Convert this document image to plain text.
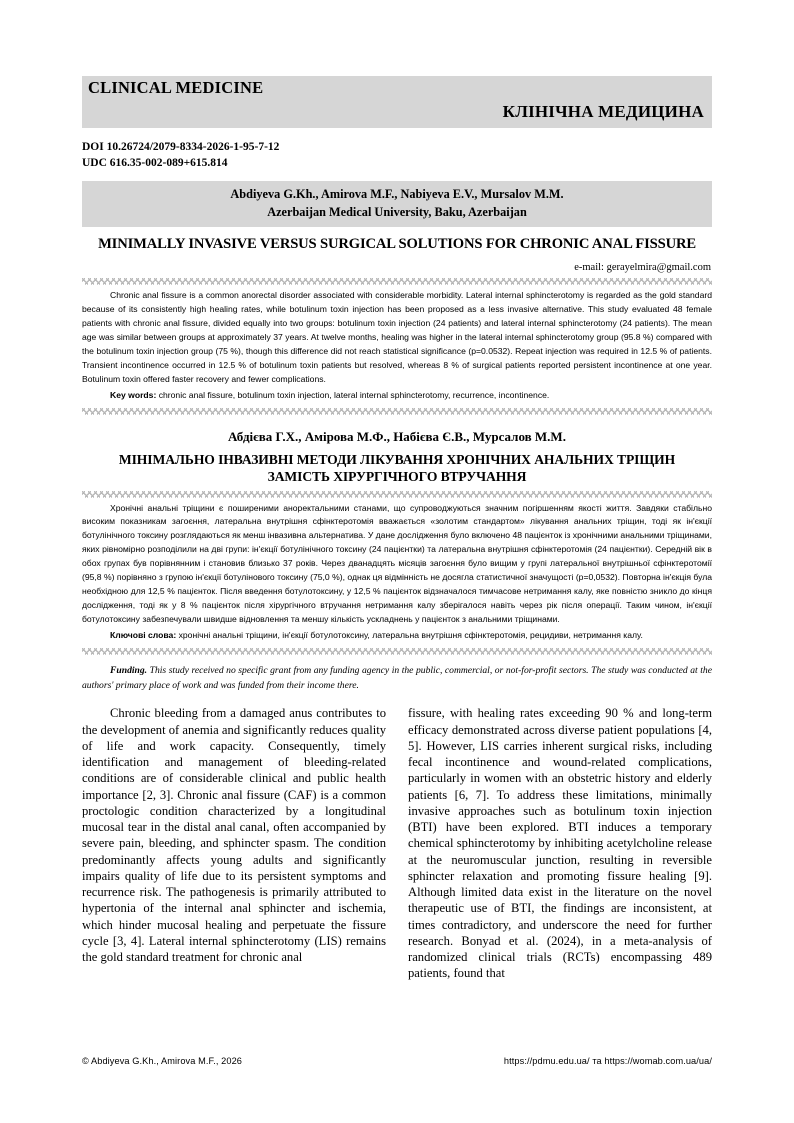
CLINICAL MEDICINE
КЛІНІЧНА МЕДИЦИНА
DOI 10.26724/2079-8334-2026-1-95-7-12
UDC 616.35-002-089+615.814
Abdiyeva G.Kh., Amirova M.F., Nabiyeva E.V., Mursalov M.M.
Azerbaijan Medical University, Baku, Azerbaijan
MINIMALLY INVASIVE VERSUS SURGICAL SOLUTIONS FOR CHRONIC ANAL FISSURE
e-mail: gerayelmira@gmail.com

Chronic anal fissure is a common anorectal disorder associated with considerable morbidity. Lateral internal sphincterotomy is regarded as the gold standard because of its consistently high healing rates, while botulinum toxin injection has been proposed as a less invasive alternative. This study evaluated 48 female patients with chronic anal fissure, divided equally into two groups: botulinum toxin injection (24 patients) and lateral internal sphincterotomy (24 patients). The mean age was similar between groups at approximately 37 years. At twelve months, healing was higher in the lateral internal sphincterotomy group (95.8 %) compared with the botulinum toxin injection group (75 %), though this difference did not reach statistical significance (p=0.0532). Repeat injection was required in 12.5 % of patients. Transient incontinence occurred in 12.5 % of botulinum toxin patients but resolved, whereas 8 % of surgical patients reported persistent incontinence at one year. Botulinum toxin offered faster recovery and fewer complications.

Key words: chronic anal fissure, botulinum toxin injection, lateral internal sphincterotomy, recurrence, incontinence.

Абдієва Г.Х., Амірова М.Ф., Набієва Є.В., Мурсалов М.М.
МІНІМАЛЬНО ІНВАЗИВНІ МЕТОДИ ЛІКУВАННЯ ХРОНІЧНИХ АНАЛЬНИХ ТРІЩИН
ЗАМІСТЬ ХІРУРГІЧНОГО ВТРУЧАННЯ

Хронічні анальні тріщини є поширеними аноректальними станами, що супроводжуються значним погіршенням якості життя. Завдяки стабільно високим показникам загоєння, латеральна внутрішня сфінктеротомія вважається «золотим стандартом» лікування анальних тріщин, тоді як ін'єкції ботулінічного токсину розглядаються як менш інвазивна альтернатива. У дане дослідження було включено 48 пацієнток із хронічними анальними тріщинами, яких рівномірно розподілили на дві групи: ін'єкції ботулінічного токсину (24 пацієнтки) та латеральна внутрішня сфінктеротомія (24 пацієнтки). Середній вік в обох групах був порівнянним і становив близько 37 років. Через дванадцять місяців загоєння було вищим у групі латеральної внутрішньої сфінктеротомії (95,8 %) порівняно з групою ін'єкції ботулінового токсину (75,0 %), однак ця відмінність не досягла статистичної значущості (p=0,0532). Повторна ін'єкція була необхідною для 12,5 % пацієнток. Після введення ботулотоксину, у 12,5 % пацієнток відзначалося тимчасове нетримання калу, яке повністю зникло до кінця дослідження, тоді як у 8 % пацієнток після хірургічного втручання нетримання калу зберігалося навіть через рік після операції. Таким чином, ін'єкції ботулотоксину забезпечували швидше відновлення та меншу кількість ускладнень у пацієнток з анальними тріщинами.

Ключові слова: хронічні анальні тріщини, ін'єкції ботулотоксину, латеральна внутрішня сфінктеротомія, рецидиви, нетримання калу.

Funding. This study received no specific grant from any funding agency in the public, commercial, or not-for-profit sectors. The study was conducted at the authors' primary place of work and was funded from their income there.

Chronic bleeding from a damaged anus contributes to the development of anemia and significantly reduces quality of life and work capacity. Consequently, timely identification and management of bleeding-related conditions are of considerable clinical and public health importance [2, 3]. Chronic anal fissure (CAF) is a common proctologic condition characterized by a longitudinal mucosal tear in the distal anal canal, often accompanied by severe pain, bleeding, and sphincter spasm. The condition predominantly affects young adults and significantly impairs quality of life due to its persistent symptoms and recurrence risk. The pathogenesis is primarily attributed to hypertonia of the internal anal sphincter and ischemia, which hinder mucosal healing and perpetuate the fissure cycle [3, 4]. Lateral internal sphincterotomy (LIS) remains the gold standard treatment for chronic anal

fissure, with healing rates exceeding 90 % and long-term efficacy demonstrated across diverse patient populations [4, 5]. However, LIS carries inherent surgical risks, including fecal incontinence and wound-related complications, particularly in women with an obstetric history and elderly patients [6, 7]. To address these limitations, minimally invasive approaches such as botulinum toxin injection (BTI) have been explored. BTI induces a temporary chemical sphincterotomy by inhibiting acetylcholine release at the neuromuscular junction, resulting in reversible sphincter relaxation and promoting fissure healing [9]. Although limited data exist in the literature on the novel therapeutic use of BTI, the findings are inconsistent, at times contradictory, and underscore the need for further research. Bonyad et al. (2024), in a meta-analysis of randomized clinical trials (RCTs) encompassing 489 patients, found that

© Abdiyeva G.Kh., Amirova M.F., 2026	https://pdmu.edu.ua/ та https://womab.com.ua/ua/
